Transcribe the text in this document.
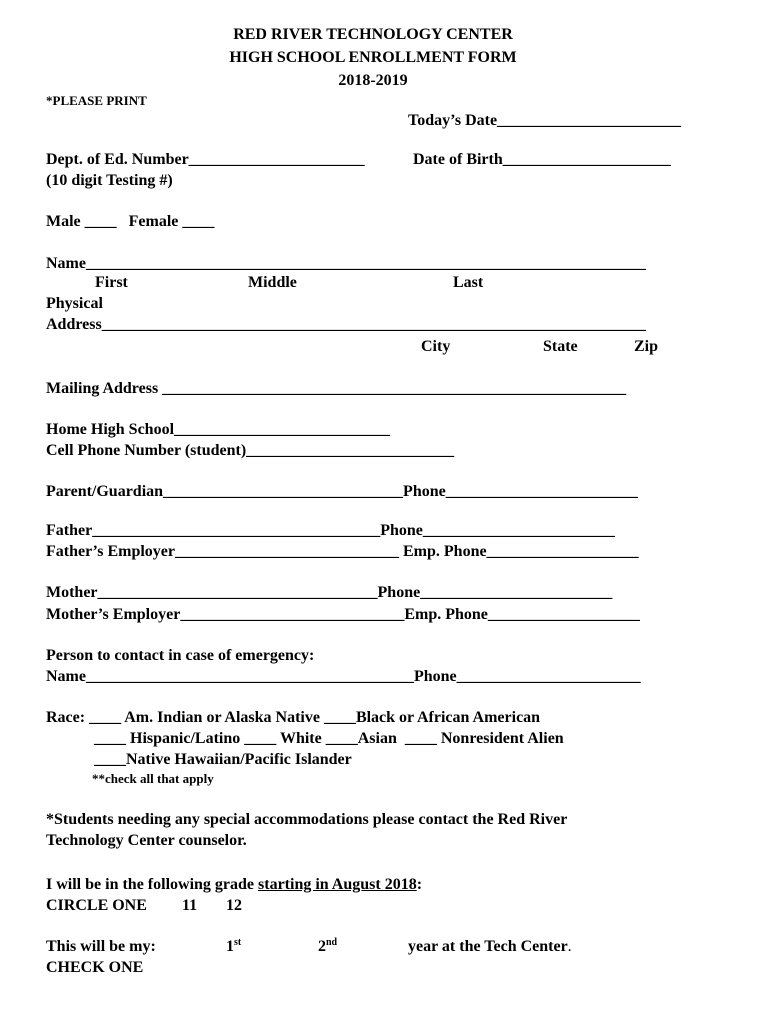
RED RIVER TECHNOLOGY CENTER
HIGH SCHOOL ENROLLMENT FORM
2018-2019
*PLEASE PRINT
Today’s Date_______________________
Dept. of Ed. Number______________________	Date of Birth_____________________
(10 digit Testing #)
Male ____   Female ____
Name______________________________________________________________________
First	Middle	Last
Physical
Address____________________________________________________________________
City	State	Zip
Mailing Address __________________________________________________________
Home High School___________________________
Cell Phone Number (student)__________________________
Parent/Guardian______________________________Phone________________________
Father____________________________________Phone________________________
Father’s Employer____________________________ Emp. Phone___________________
Mother___________________________________Phone________________________
Mother’s Employer____________________________Emp. Phone___________________
Person to contact in case of emergency:
Name_________________________________________Phone_______________________
Race: ____ Am. Indian or Alaska Native ____Black or African American
____ Hispanic/Latino ____ White ____Asian  ____ Nonresident Alien
____Native Hawaiian/Pacific Islander
**check all that apply
*Students needing any special accommodations please contact the Red River
Technology Center counselor.
I will be in the following grade starting in August 2018:
CIRCLE ONE 11 12
This will be my:	1st	2nd	year at the Tech Center.
CHECK ONE
